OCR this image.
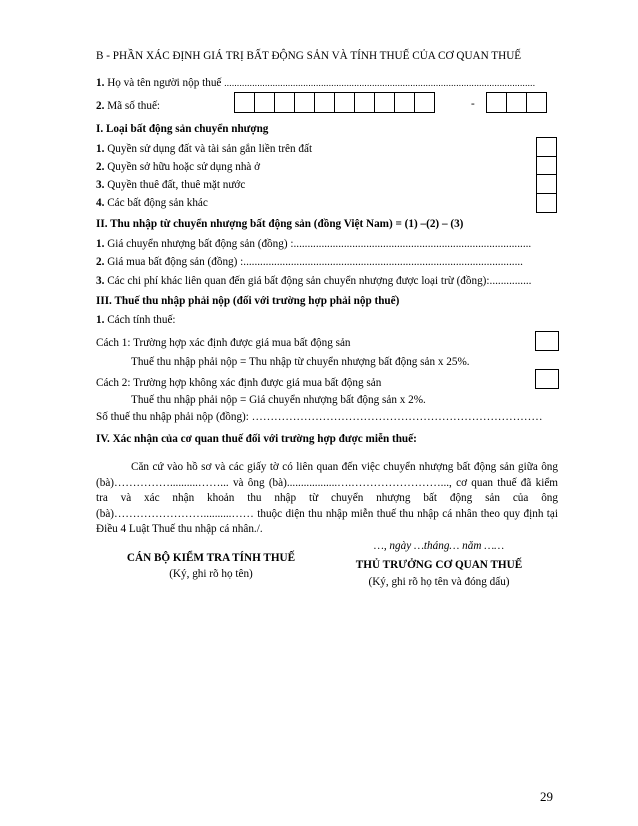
B - PHẦN XÁC ĐỊNH GIÁ TRỊ BẤT ĐỘNG SẢN VÀ TÍNH THUẾ CỦA CƠ QUAN THUẾ
1. Họ và tên người nộp thuế ..........................................................................................................................
2. Mã số thuế:	-
I. Loại bất động sản chuyển nhượng
1. Quyền sử dụng đất và tài sản gắn liền trên đất
2. Quyền sở hữu hoặc sử dụng nhà ở
3. Quyền thuê đất, thuê mặt nước
4. Các bất động sản khác
II. Thu nhập từ chuyển nhượng bất động sản (đồng Việt Nam) = (1) –(2) – (3)
1. Giá chuyển nhượng bất động sản (đồng) :.....................................................................................
2. Giá mua bất động sản (đồng) :....................................................................................................
3. Các chi phí khác liên quan đến giá bất động sản chuyển nhượng được loại trừ (đồng):...............
III. Thuế thu nhập phải nộp (đối với trường hợp phải nộp thuế)
1. Cách tính thuế:
Cách 1: Trường hợp xác định được giá mua bất động sản
Thuế thu nhập phải nộp = Thu nhập từ chuyển nhượng bất động sản x 25%.
Cách 2: Trường hợp không xác định được giá mua bất động sản
Thuế thu nhập phải nộp = Giá chuyển nhượng bất động sản x 2%.
Số thuế thu nhập phải nộp (đồng): ……………………………………………………………………
IV. Xác nhận của cơ quan thuế đối với trường hợp được miễn thuế:
Căn cứ vào hồ sơ và các giấy tờ có liên quan đến việc chuyển nhượng bất động sản giữa ông (bà)……………..........……... và ông (bà)..................….……………………..., cơ quan thuế đã kiểm tra và xác nhận khoản thu nhập từ chuyển nhượng bất động sản của ông (bà)……………………..........…… thuộc diện thu nhập miễn thuế thu nhập cá nhân theo quy định tại Điều 4 Luật Thuế thu nhập cá nhân./.
CÁN BỘ KIỂM TRA TÍNH THUẾ
(Ký, ghi rõ họ tên)
…, ngày …tháng… năm ……
THỦ TRƯỞNG CƠ QUAN THUẾ
(Ký, ghi rõ họ tên và đóng dấu)
29
